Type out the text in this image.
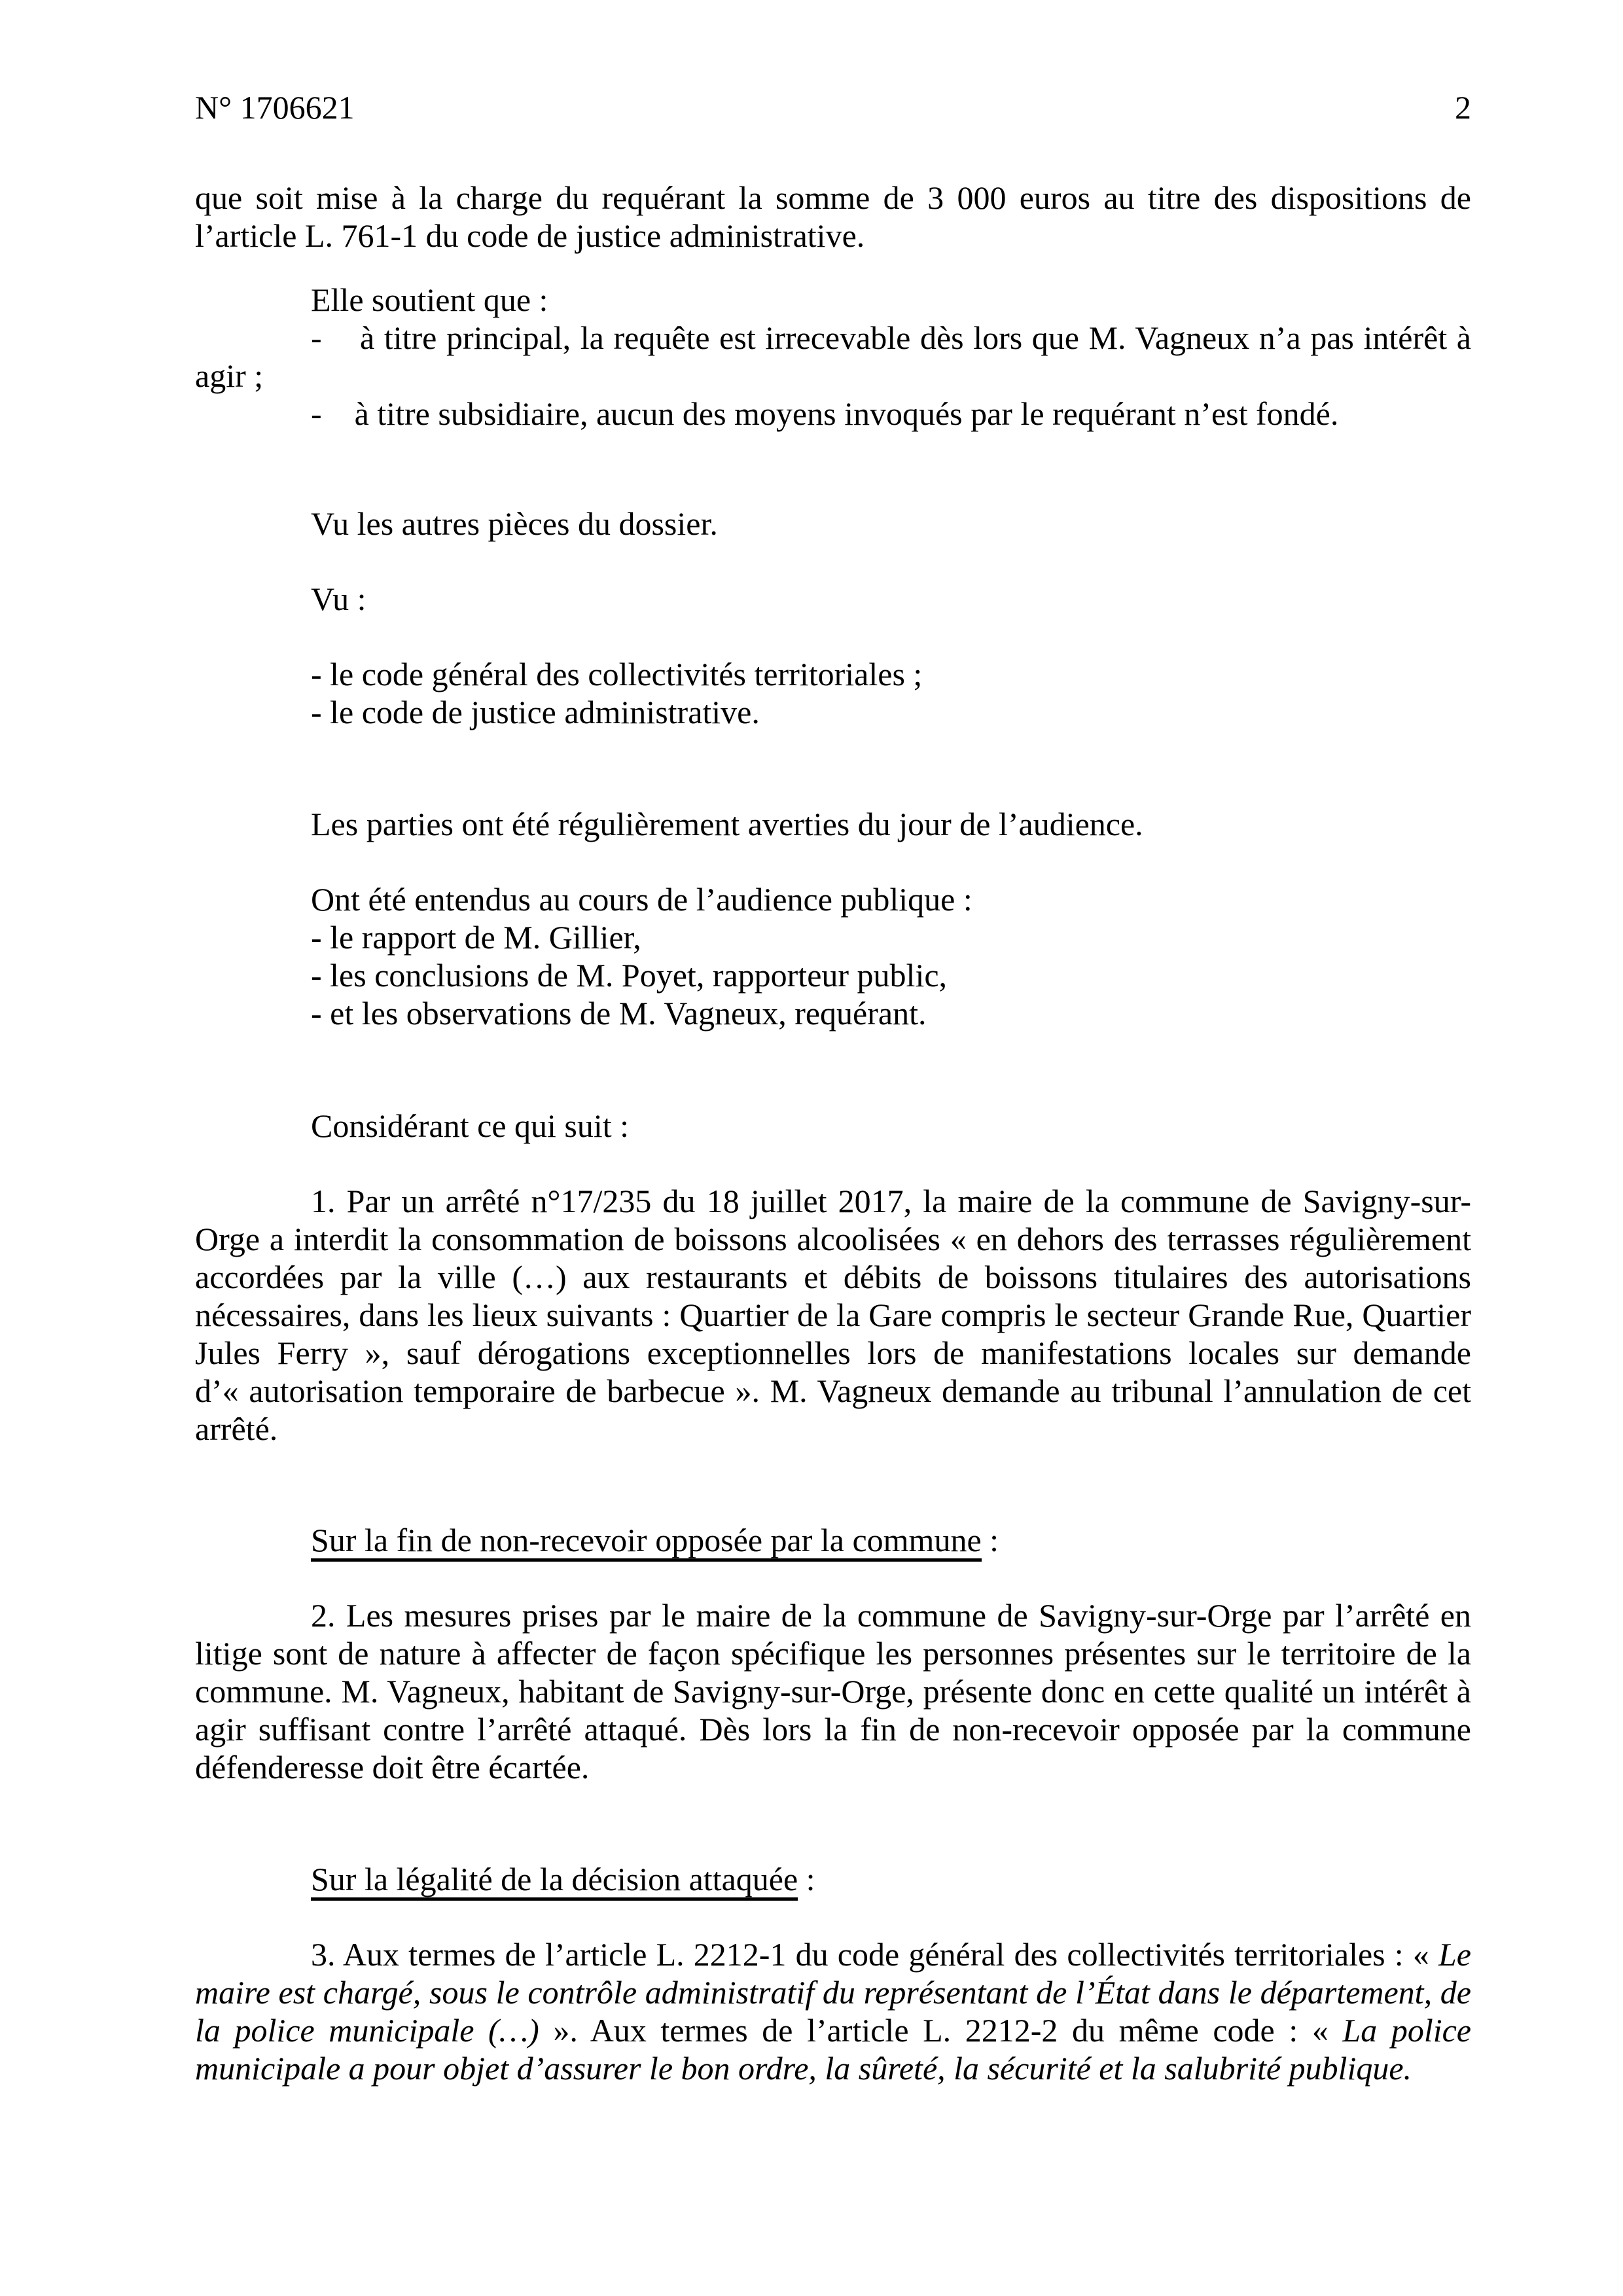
N° 1706621	2

que soit mise à la charge du requérant la somme de 3 000 euros au titre des dispositions de l’article L. 761-1 du code de justice administrative.

Elle soutient que :

-    à titre principal, la requête est irrecevable dès lors que M. Vagneux n’a pas intérêt à agir ;

-    à titre subsidiaire, aucun des moyens invoqués par le requérant n’est fondé.

Vu les autres pièces du dossier.

Vu :

- le code général des collectivités territoriales ;

- le code de justice administrative.

Les parties ont été régulièrement averties du jour de l’audience.

Ont été entendus au cours de l’audience publique :

- le rapport de M. Gillier,

- les conclusions de M. Poyet, rapporteur public,

- et les observations de M. Vagneux, requérant.

Considérant ce qui suit :

1. Par un arrêté n°17/235 du 18 juillet 2017, la maire de la commune de Savigny-sur-Orge a interdit la consommation de boissons alcoolisées « en dehors des terrasses régulièrement accordées par la ville (…) aux restaurants et débits de boissons titulaires des autorisations nécessaires, dans les lieux suivants : Quartier de la Gare compris le secteur Grande Rue, Quartier Jules Ferry », sauf dérogations exceptionnelles lors de manifestations locales sur demande d’« autorisation temporaire de barbecue ». M. Vagneux demande au tribunal l’annulation de cet arrêté.

Sur la fin de non-recevoir opposée par la commune :

2. Les mesures prises par le maire de la commune de Savigny-sur-Orge par l’arrêté en litige sont de nature à affecter de façon spécifique les personnes présentes sur le territoire de la commune. M. Vagneux, habitant de Savigny-sur-Orge, présente donc en cette qualité un intérêt à agir suffisant contre l’arrêté attaqué. Dès lors la fin de non-recevoir opposée par la commune défenderesse doit être écartée.

Sur la légalité de la décision attaquée :

3. Aux termes de l’article L. 2212-1 du code général des collectivités territoriales : « Le maire est chargé, sous le contrôle administratif du représentant de l’État dans le département, de la police municipale (…) ». Aux termes de l’article L. 2212-2 du même code : « La police municipale a pour objet d’assurer le bon ordre, la sûreté, la sécurité et la salubrité publique.
